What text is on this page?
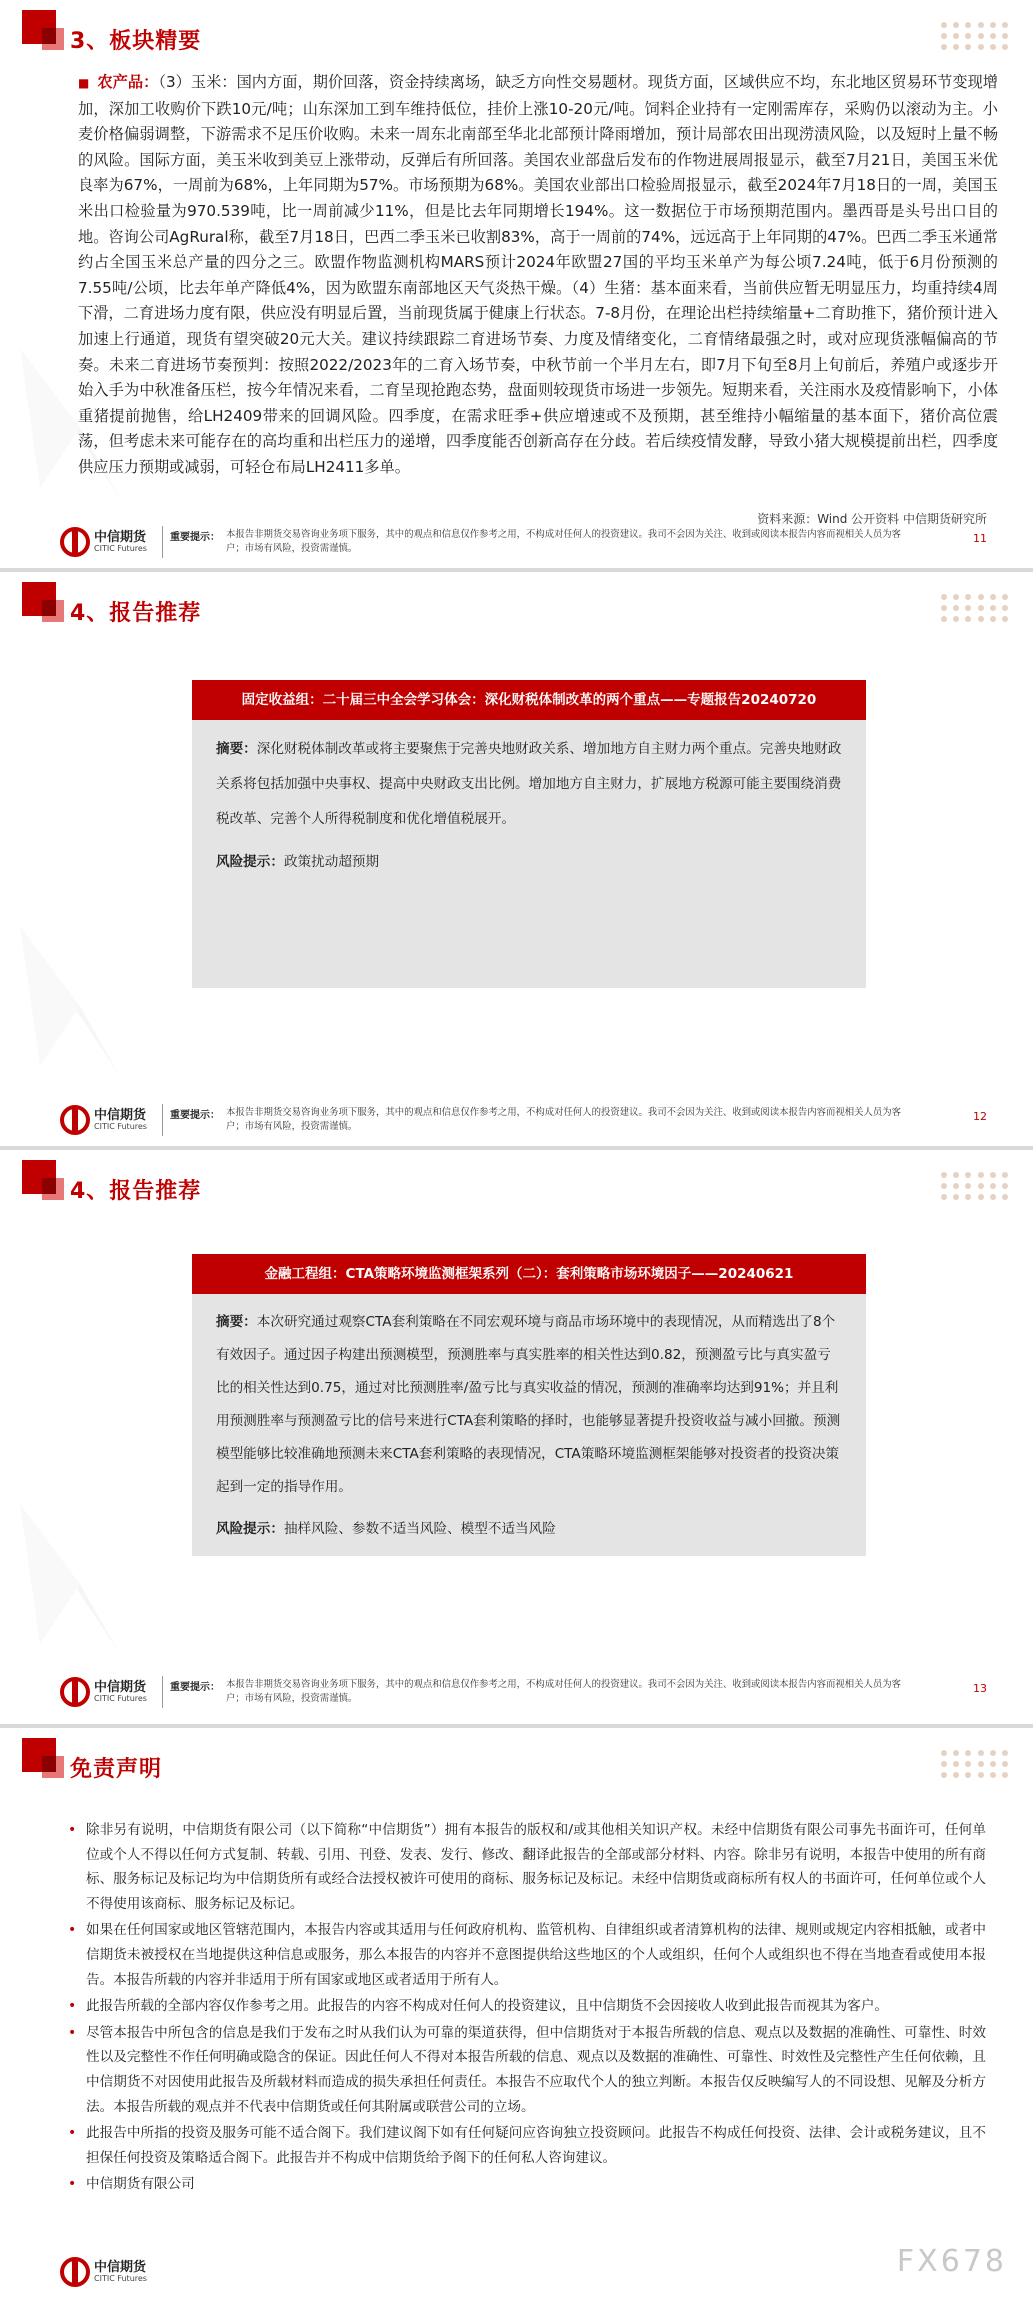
3、板块精要
■ 农产品：（3）玉米：国内方面，期价回落，资金持续离场，缺乏方向性交易题材。现货方面，区域供应不均，东北地区贸易环节变现增加，深加工收购价下跌10元/吨；山东深加工到车维持低位，挂价上涨10-20元/吨。饲料企业持有一定刚需库存，采购仍以滚动为主。小麦价格偏弱调整，下游需求不足压价收购。未来一周东北南部至华北北部预计降雨增加，预计局部农田出现涝渍风险，以及短时上量不畅的风险。国际方面，美玉米收到美豆上涨带动，反弹后有所回落。美国农业部盘后发布的作物进展周报显示，截至7月21日，美国玉米优良率为67%，一周前为68%，上年同期为57%。市场预期为68%。美国农业部出口检验周报显示，截至2024年7月18日的一周，美国玉米出口检验量为970.539吨，比一周前减少11%，但是比去年同期增长194%。这一数据位于市场预期范围内。墨西哥是头号出口目的地。咨询公司AgRural称，截至7月18日，巴西二季玉米已收割83%，高于一周前的74%，远远高于上年同期的47%。巴西二季玉米通常约占全国玉米总产量的四分之三。欧盟作物监测机构MARS预计2024年欧盟27国的平均玉米单产为每公顷7.24吨，低于6月份预测的7.55吨/公顷，比去年单产降低4%，因为欧盟东南部地区天气炎热干燥。（4）生猪：基本面来看，当前供应暂无明显压力，均重持续4周下滑，二育进场力度有限，供应没有明显后置，当前现货属于健康上行状态。7-8月份，在理论出栏持续缩量+二育助推下，猪价预计进入加速上行通道，现货有望突破20元大关。建议持续跟踪二育进场节奏、力度及情绪变化，二育情绪最强之时，或对应现货涨幅偏高的节奏。未来二育进场节奏预判：按照2022/2023年的二育入场节奏，中秋节前一个半月左右，即7月下旬至8月上旬前后，养殖户或逐步开始入手为中秋准备压栏，按今年情况来看，二育呈现抢跑态势，盘面则较现货市场进一步领先。短期来看，关注雨水及疫情影响下，小体重猪提前抛售，给LH2409带来的回调风险。四季度，在需求旺季+供应增速或不及预期，甚至维持小幅缩量的基本面下，猪价高位震荡，但考虑未来可能存在的高均重和出栏压力的递增，四季度能否创新高存在分歧。若后续疫情发酵，导致小猪大规模提前出栏，四季度供应压力预期或减弱，可轻仓布局LH2411多单。
资料来源：Wind 公开资料 中信期货研究所
中信期货
CITIC Futures
重要提示： 本报告非期货交易咨询业务项下服务，其中的观点和信息仅作参考之用，不构成对任何人的投资建议。我司不会因为关注、收到或阅读本报告内容而视相关人员为客户；市场有风险，投资需谨慎。

11
4、报告推荐
固定收益组：二十届三中全会学习体会：深化财税体制改革的两个重点——专题报告20240720
摘要：深化财税体制改革或将主要聚焦于完善央地财政关系、增加地方自主财力两个重点。完善央地财政关系将包括加强中央事权、提高中央财政支出比例。增加地方自主财力，扩展地方税源可能主要围绕消费税改革、完善个人所得税制度和优化增值税展开。
风险提示：政策扰动超预期
中信期货
CITIC Futures
重要提示： 本报告非期货交易咨询业务项下服务，其中的观点和信息仅作参考之用，不构成对任何人的投资建议。我司不会因为关注、收到或阅读本报告内容而视相关人员为客户；市场有风险，投资需谨慎。

12
4、报告推荐
金融工程组：CTA策略环境监测框架系列（二）：套利策略市场环境因子——20240621
摘要：本次研究通过观察CTA套利策略在不同宏观环境与商品市场环境中的表现情况，从而精选出了8个有效因子。通过因子构建出预测模型，预测胜率与真实胜率的相关性达到0.82，预测盈亏比与真实盈亏比的相关性达到0.75，通过对比预测胜率/盈亏比与真实收益的情况，预测的准确率均达到91%；并且利用预测胜率与预测盈亏比的信号来进行CTA套利策略的择时，也能够显著提升投资收益与减小回撤。预测模型能够比较准确地预测未来CTA套利策略的表现情况，CTA策略环境监测框架能够对投资者的投资决策起到一定的指导作用。
风险提示：抽样风险、参数不适当风险、模型不适当风险
中信期货
CITIC Futures
重要提示： 本报告非期货交易咨询业务项下服务，其中的观点和信息仅作参考之用，不构成对任何人的投资建议。我司不会因为关注、收到或阅读本报告内容而视相关人员为客户；市场有风险，投资需谨慎。

13
免责声明
• 除非另有说明，中信期货有限公司（以下简称“中信期货”）拥有本报告的版权和/或其他相关知识产权。未经中信期货有限公司事先书面许可，任何单位或个人不得以任何方式复制、转载、引用、刊登、发表、发行、修改、翻译此报告的全部或部分材料、内容。除非另有说明，本报告中使用的所有商标、服务标记及标记均为中信期货所有或经合法授权被许可使用的商标、服务标记及标记。未经中信期货或商标所有权人的书面许可，任何单位或个人不得使用该商标、服务标记及标记。
• 如果在任何国家或地区管辖范围内，本报告内容或其适用与任何政府机构、监管机构、自律组织或者清算机构的法律、规则或规定内容相抵触，或者中信期货未被授权在当地提供这种信息或服务，那么本报告的内容并不意图提供给这些地区的个人或组织，任何个人或组织也不得在当地查看或使用本报告。本报告所载的内容并非适用于所有国家或地区或者适用于所有人。
• 此报告所载的全部内容仅作参考之用。此报告的内容不构成对任何人的投资建议，且中信期货不会因接收人收到此报告而视其为客户。
• 尽管本报告中所包含的信息是我们于发布之时从我们认为可靠的渠道获得，但中信期货对于本报告所载的信息、观点以及数据的准确性、可靠性、时效性以及完整性不作任何明确或隐含的保证。因此任何人不得对本报告所载的信息、观点以及数据的准确性、可靠性、时效性及完整性产生任何依赖，且中信期货不对因使用此报告及所载材料而造成的损失承担任何责任。本报告不应取代个人的独立判断。本报告仅反映编写人的不同设想、见解及分析方法。本报告所载的观点并不代表中信期货或任何其附属或联营公司的立场。
• 此报告中所指的投资及服务可能不适合阁下。我们建议阁下如有任何疑问应咨询独立投资顾问。此报告不构成任何投资、法律、会计或税务建议，且不担保任何投资及策略适合阁下。此报告并不构成中信期货给予阁下的任何私人咨询建议。
• 中信期货有限公司
中信期货
CITIC Futures	FX678
